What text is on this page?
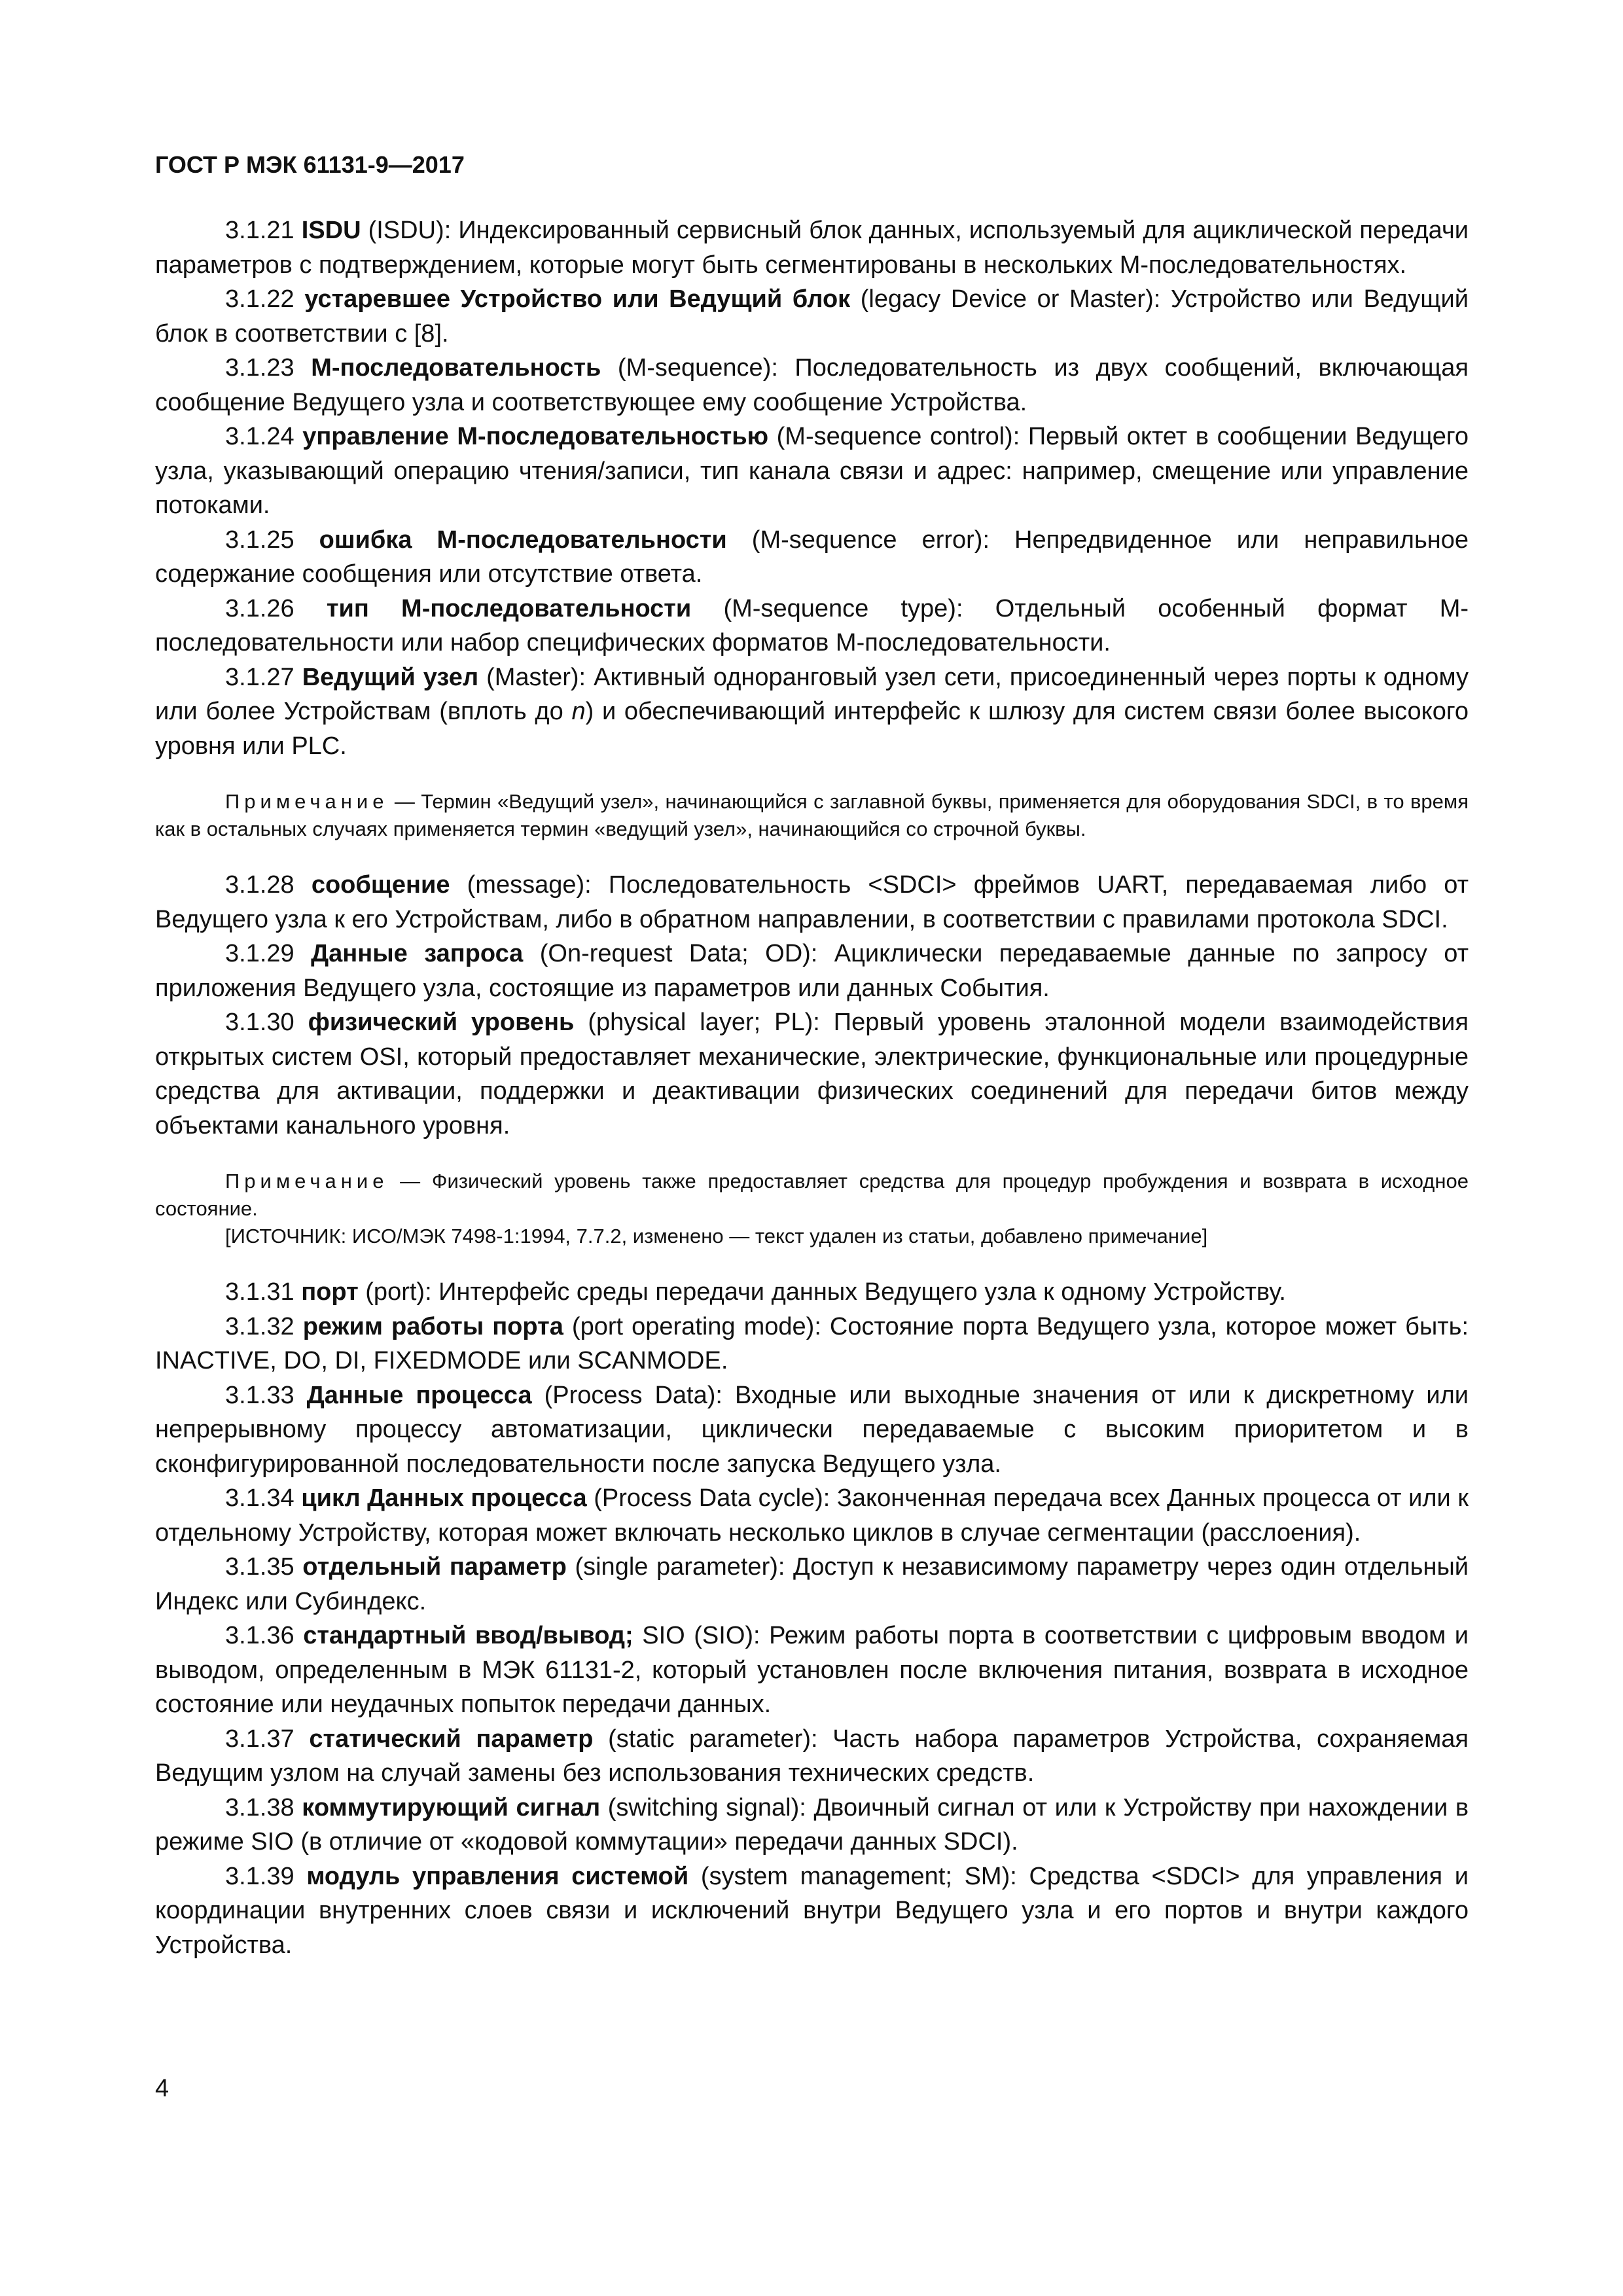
ГОСТ Р МЭК 61131-9—2017

3.1.21 ISDU (ISDU): Индексированный сервисный блок данных, используемый для ациклической передачи параметров с подтверждением, которые могут быть сегментированы в нескольких M-последовательностях.

3.1.22 устаревшее Устройство или Ведущий блок (legacy Device or Master): Устройство или Ведущий блок в соответствии с [8].

3.1.23 M-последовательность (M-sequence): Последовательность из двух сообщений, включающая сообщение Ведущего узла и соответствующее ему сообщение Устройства.

3.1.24 управление M-последовательностью (M-sequence control): Первый октет в сообщении Ведущего узла, указывающий операцию чтения/записи, тип канала связи и адрес: например, смещение или управление потоками.

3.1.25 ошибка M-последовательности (M-sequence error): Непредвиденное или неправильное содержание сообщения или отсутствие ответа.

3.1.26 тип M-последовательности (M-sequence type): Отдельный особенный формат M-последовательности или набор специфических форматов M-последовательности.

3.1.27 Ведущий узел (Master): Активный одноранговый узел сети, присоединенный через порты к одному или более Устройствам (вплоть до n) и обеспечивающий интерфейс к шлюзу для систем связи более высокого уровня или PLC.

Примечание — Термин «Ведущий узел», начинающийся с заглавной буквы, применяется для оборудования SDCI, в то время как в остальных случаях применяется термин «ведущий узел», начинающийся со строчной буквы.

3.1.28 сообщение (message): Последовательность <SDCI> фреймов UART, передаваемая либо от Ведущего узла к его Устройствам, либо в обратном направлении, в соответствии с правилами протокола SDCI.

3.1.29 Данные запроса (On-request Data; OD): Ациклически передаваемые данные по запросу от приложения Ведущего узла, состоящие из параметров или данных События.

3.1.30 физический уровень (physical layer; PL): Первый уровень эталонной модели взаимодействия открытых систем OSI, который предоставляет механические, электрические, функциональные или процедурные средства для активации, поддержки и деактивации физических соединений для передачи битов между объектами канального уровня.

Примечание — Физический уровень также предоставляет средства для процедур пробуждения и возврата в исходное состояние.

[ИСТОЧНИК: ИСО/МЭК 7498-1:1994, 7.7.2, изменено — текст удален из статьи, добавлено примечание]

3.1.31 порт (port): Интерфейс среды передачи данных Ведущего узла к одному Устройству.

3.1.32 режим работы порта (port operating mode): Состояние порта Ведущего узла, которое может быть: INACTIVE, DO, DI, FIXEDMODE или SCANMODE.

3.1.33 Данные процесса (Process Data): Входные или выходные значения от или к дискретному или непрерывному процессу автоматизации, циклически передаваемые с высоким приоритетом и в сконфигурированной последовательности после запуска Ведущего узла.

3.1.34 цикл Данных процесса (Process Data cycle): Законченная передача всех Данных процесса от или к отдельному Устройству, которая может включать несколько циклов в случае сегментации (расслоения).

3.1.35 отдельный параметр (single parameter): Доступ к независимому параметру через один отдельный Индекс или Субиндекс.

3.1.36 стандартный ввод/вывод; SIO (SIO): Режим работы порта в соответствии с цифровым вводом и выводом, определенным в МЭК 61131-2, который установлен после включения питания, возврата в исходное состояние или неудачных попыток передачи данных.

3.1.37 статический параметр (static parameter): Часть набора параметров Устройства, сохраняемая Ведущим узлом на случай замены без использования технических средств.

3.1.38 коммутирующий сигнал (switching signal): Двоичный сигнал от или к Устройству при нахождении в режиме SIO (в отличие от «кодовой коммутации» передачи данных SDCI).

3.1.39 модуль управления системой (system management; SM): Средства <SDCI> для управления и координации внутренних слоев связи и исключений внутри Ведущего узла и его портов и внутри каждого Устройства.

4
